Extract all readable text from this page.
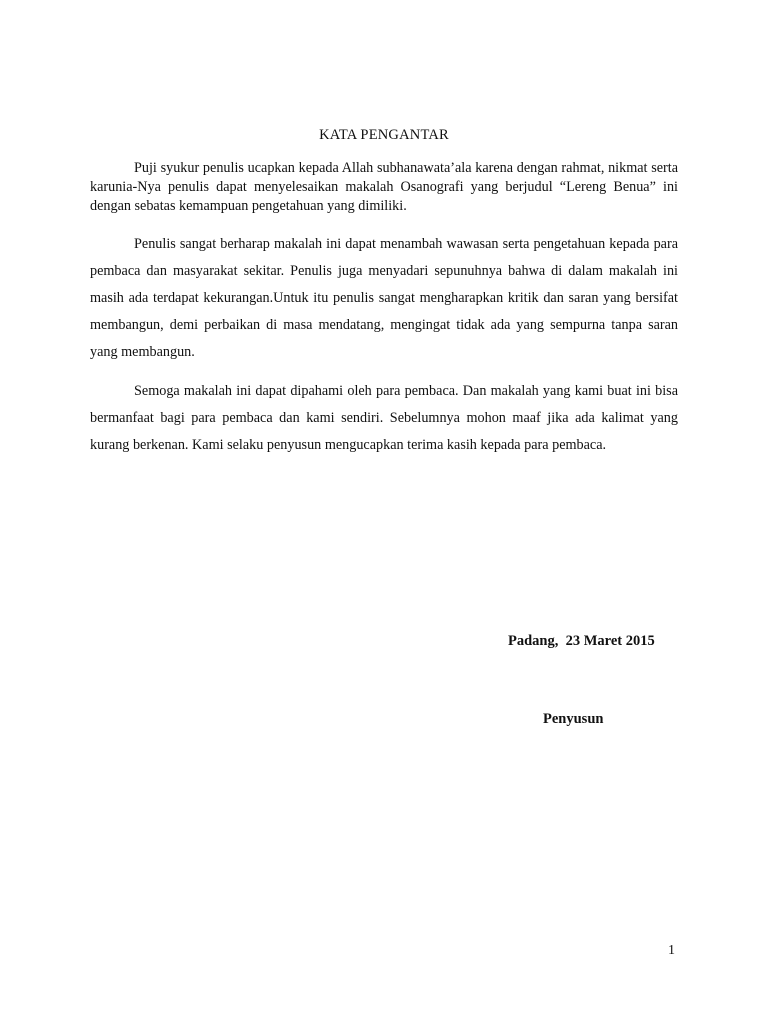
KATA PENGANTAR

Puji syukur penulis ucapkan kepada Allah subhanawata’ala karena dengan rahmat, nikmat serta karunia-Nya penulis dapat menyelesaikan makalah Osanografi yang berjudul “Lereng Benua” ini dengan sebatas kemampuan pengetahuan yang dimiliki.

Penulis sangat berharap makalah ini dapat menambah wawasan serta pengetahuan kepada para pembaca dan masyarakat sekitar. Penulis juga menyadari sepunuhnya bahwa di dalam makalah ini masih ada terdapat kekurangan.Untuk itu penulis sangat mengharapkan kritik dan saran yang bersifat membangun, demi perbaikan di masa mendatang, mengingat tidak ada yang sempurna tanpa saran yang membangun.

Semoga makalah ini dapat dipahami oleh para pembaca. Dan makalah yang kami buat ini bisa bermanfaat bagi para pembaca dan kami sendiri. Sebelumnya mohon maaf jika ada kalimat yang kurang berkenan. Kami selaku penyusun mengucapkan terima kasih kepada para pembaca.

Padang,  23 Maret 2015
Penyusun
1
